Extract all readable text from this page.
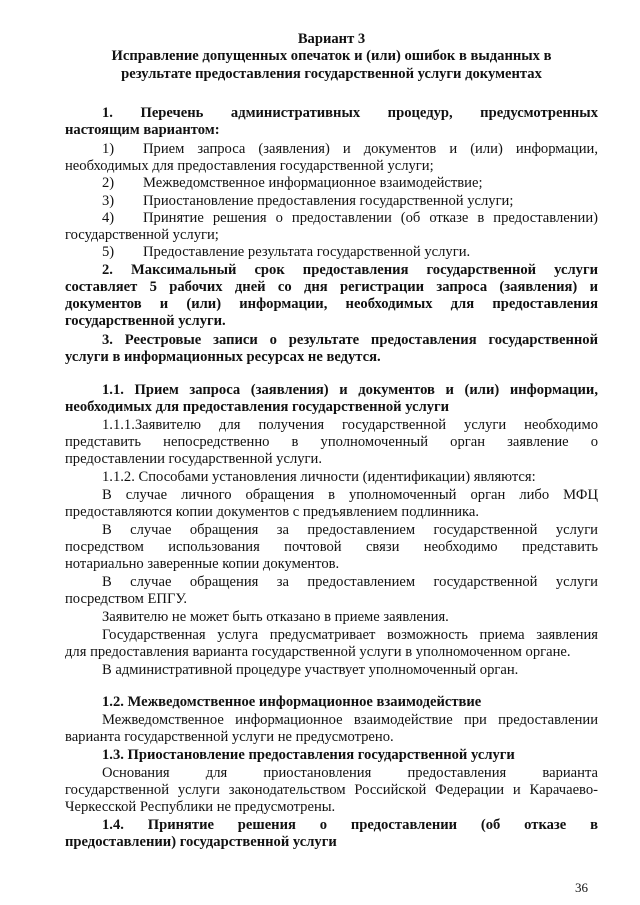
Вариант 3
Исправление допущенных опечаток и (или) ошибок в выданных в
результате предоставления государственной услуги документах
1. Перечень административных процедур, предусмотренных
настоящим вариантом:
1) Прием запроса (заявления) и документов и (или) информации,
необходимых для предоставления государственной услуги;
2) Межведомственное информационное взаимодействие;
3) Приостановление предоставления государственной услуги;
4) Принятие решения о предоставлении (об отказе в предоставлении)
государственной услуги;
5) Предоставление результата государственной услуги.
2. Максимальный срок предоставления государственной услуги
составляет 5 рабочих дней со дня регистрации запроса (заявления) и
документов и (или) информации, необходимых для предоставления
государственной услуги.
3. Реестровые записи о результате предоставления государственной
услуги в информационных ресурсах не ведутся.
1.1. Прием запроса (заявления) и документов и (или) информации,
необходимых для предоставления государственной услуги
1.1.1.Заявителю для получения государственной услуги необходимо
представить непосредственно в уполномоченный орган заявление о
предоставлении государственной услуги.
1.1.2. Способами установления личности (идентификации) являются:
В случае личного обращения в уполномоченный орган либо МФЦ
предоставляются копии документов с предъявлением подлинника.
В случае обращения за предоставлением государственной услуги
посредством использования почтовой связи необходимо представить
нотариально заверенные копии документов.
В случае обращения за предоставлением государственной услуги
посредством ЕПГУ.
Заявителю не может быть отказано в приеме заявления.
Государственная услуга предусматривает возможность приема заявления
для предоставления варианта государственной услуги в уполномоченном органе.
В административной процедуре участвует уполномоченный орган.
1.2. Межведомственное информационное взаимодействие
Межведомственное информационное взаимодействие при предоставлении
варианта государственной услуги не предусмотрено.
1.3. Приостановление предоставления государственной услуги
Основания для приостановления предоставления варианта
государственной услуги законодательством Российской Федерации и Карачаево-
Черкесской Республики не предусмотрены.
1.4. Принятие решения о предоставлении (об отказе в
предоставлении) государственной услуги
36
